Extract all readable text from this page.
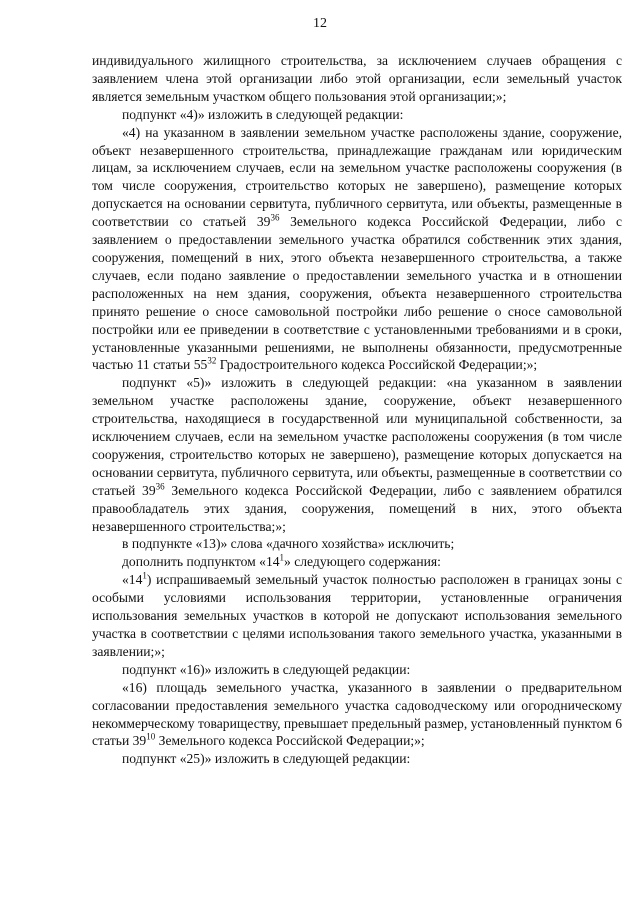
12

индивидуального жилищного строительства, за исключением случаев обращения с заявлением члена этой организации либо этой организации, если земельный участок является земельным участком общего пользования этой организации;»;

подпункт «4)» изложить в следующей редакции:

«4) на указанном в заявлении земельном участке расположены здание, сооружение, объект незавершенного строительства, принадлежащие гражданам или юридическим лицам, за исключением случаев, если на земельном участке расположены сооружения (в том числе сооружения, строительство которых не завершено), размещение которых допускается на основании сервитута, публичного сервитута, или объекты, размещенные в соответствии со статьей $39^{36}$ Земельного кодекса Российской Федерации, либо с заявлением о предоставлении земельного участка обратился собственник этих здания, сооружения, помещений в них, этого объекта незавершенного строительства, а также случаев, если подано заявление о предоставлении земельного участка и в отношении расположенных на нем здания, сооружения, объекта незавершенного строительства принято решение о сносе самовольной постройки либо решение о сносе самовольной постройки или ее приведении в соответствие с установленными требованиями и в сроки, установленные указанными решениями, не выполнены обязанности, предусмотренные частью 11 статьи $55^{32}$ Градостроительного кодекса Российской Федерации;»;

подпункт «5)» изложить в следующей редакции: «на указанном в заявлении земельном участке расположены здание, сооружение, объект незавершенного строительства, находящиеся в государственной или муниципальной собственности, за исключением случаев, если на земельном участке расположены сооружения (в том числе сооружения, строительство которых не завершено), размещение которых допускается на основании сервитута, публичного сервитута, или объекты, размещенные в соответствии со статьей $39^{36}$ Земельного кодекса Российской Федерации, либо с заявлением обратился правообладатель этих здания, сооружения, помещений в них, этого объекта незавершенного строительства;»;

в подпункте «13)» слова «дачного хозяйства» исключить;

дополнить подпунктом «$14^1$» следующего содержания:

«$14^1$) испрашиваемый земельный участок полностью расположен в границах зоны с особыми условиями использования территории, установленные ограничения использования земельных участков в которой не допускают использования земельного участка в соответствии с целями использования такого земельного участка, указанными в заявлении;»;

подпункт «16)» изложить в следующей редакции:

«16) площадь земельного участка, указанного в заявлении о предварительном согласовании предоставления земельного участка садоводческому или огородническому некоммерческому товариществу, превышает предельный размер, установленный пунктом 6 статьи $39^{10}$ Земельного кодекса Российской Федерации;»;

подпункт «25)» изложить в следующей редакции:
